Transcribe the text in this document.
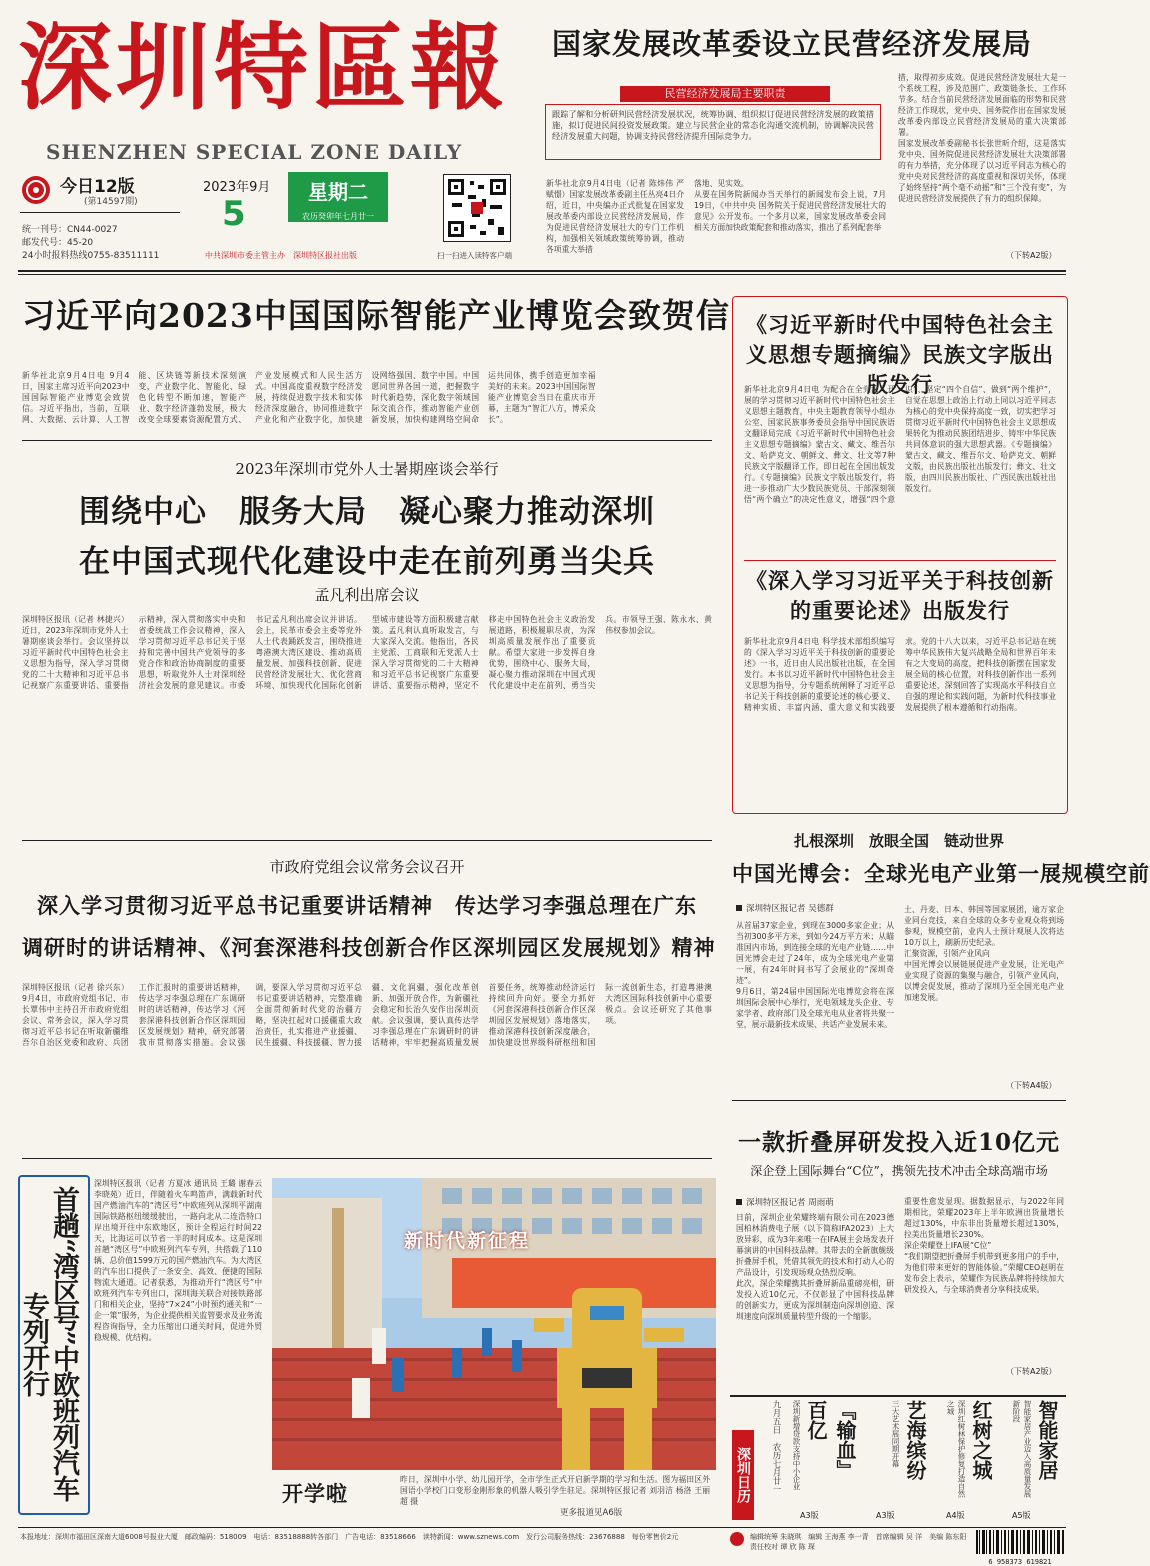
深圳特區報
SHENZHEN SPECIAL ZONE DAILY
今日12版
(第14597期)
统一刊号：CN44-0027
邮发代号：45-20
24小时报料热线0755-83511111
2023年9月
5
星期二
农历癸卯年七月廿一
中共深圳市委主管主办　深圳特区报社出版	扫一扫进入读特客户端
国家发展改革委设立民营经济发展局
民营经济发展局主要职责
跟踪了解和分析研判民营经济发展状况，统筹协调、组织拟订促进民营经济发展的政策措施，拟订促进民间投资发展政策。建立与民营企业的常态化沟通交流机制，协调解决民营经济发展重大问题，协调支持民营经济提升国际竞争力。
新华社北京9月4日电（记者 陈炜伟 严赋憬）国家发展改革委副主任丛亮4日介绍，近日，中央编办正式批复在国家发展改革委内部设立民营经济发展局，作为促进民营经济发展壮大的专门工作机构，加强相关领域政策统筹协调，推动各项重大举措
落地、见实效。
从要在国务院新闻办当天举行的新闻发布会上说，7月19日，《中共中央 国务院关于促进民营经济发展壮大的意见》公开发布。一个多月以来，国家发展改革委会同相关方面加快政策配套和推动落实，推出了系列配套举
措，取得初步成效。促进民营经济发展壮大是一个系统工程，涉及范围广、政策链条长、工作环节多。结合当前民营经济发展面临的形势和民营经济工作现状，党中央、国务院作出在国家发展改革委内部设立民营经济发展局的重大决策部署。
国家发展改革委副秘书长张世昕介绍，这是落实党中央、国务院促进民营经济发展壮大决策部署的有力举措，充分体现了以习近平同志为核心的党中央对民营经济的高度重视和深切关怀，体现了始终坚持“两个毫不动摇”和“三个没有变”，为促进民营经济发展提供了有力的组织保障。
（下转A2版）
习近平向2023中国国际智能产业博览会致贺信
新华社北京9月4日电 9月4日，国家主席习近平向2023中国国际智能产业博览会致贺信。习近平指出，当前，互联网、大数据、云计算、人工智能、区块链等新技术深刻演变，产业数字化、智能化、绿色化转型不断加速，智能产业、数字经济蓬勃发展，极大改变全球要素资源配置方式、产业发展模式和人民生活方式。中国高度重视数字经济发展，持续促进数字技术和实体经济深度融合，协同推进数字产业化和产业数字化，加快建设网络强国、数字中国。中国愿同世界各国一道，把握数字时代新趋势，深化数字领域国际交流合作，推动智能产业创新发展，加快构建网络空间命运共同体，携手创造更加幸福美好的未来。2023中国国际智能产业博览会当日在重庆市开幕，主题为“智汇八方，博采众长”。
《习近平新时代中国特色社会主义思想专题摘编》民族文字版出版发行
新华社北京9月4日电 为配合在全党深入开展的学习贯彻习近平新时代中国特色社会主义思想主题教育，中央主题教育领导小组办公室、国家民族事务委员会指导中国民族语文翻译局完成《习近平新时代中国特色社会主义思想专题摘编》蒙古文、藏文、维吾尔文、哈萨克文、朝鲜文、彝文、壮文等7种民族文字版翻译工作，即日起在全国出版发行。《专题摘编》民族文字版出版发行，将进一步推动广大少数民族党员、干部深刻领悟“两个确立”的决定性意义，增强“四个意识”、坚定“四个自信”、做到“两个维护”，自觉在思想上政治上行动上同以习近平同志为核心的党中央保持高度一致，切实把学习贯彻习近平新时代中国特色社会主义思想成果转化为推动民族团结进步、铸牢中华民族共同体意识的强大思想武器。《专题摘编》蒙古文、藏文、维吾尔文、哈萨克文、朝鲜文版，由民族出版社出版发行；彝文、壮文版，由四川民族出版社、广西民族出版社出版发行。
《深入学习习近平关于科技创新的重要论述》出版发行
新华社北京9月4日电 科学技术部组织编写的《深入学习习近平关于科技创新的重要论述》一书，近日由人民出版社出版，在全国发行。本书以习近平新时代中国特色社会主义思想为指导，分专题系统阐释了习近平总书记关于科技创新的重要论述的核心要义、精神实质、丰富内涵、重大意义和实践要求。党的十八大以来，习近平总书记站在统筹中华民族伟大复兴战略全局和世界百年未有之大变局的高度，把科技创新摆在国家发展全局的核心位置，对科技创新作出一系列重要论述，深刻回答了实现高水平科技自立自强的理论和实践问题，为新时代科技事业发展提供了根本遵循和行动指南。
2023年深圳市党外人士暑期座谈会举行
围绕中心　服务大局　凝心聚力推动深圳
在中国式现代化建设中走在前列勇当尖兵
孟凡利出席会议
深圳特区报讯（记者 林捷兴）近日，2023年深圳市党外人士暑期座谈会举行。会议坚持以习近平新时代中国特色社会主义思想为指导，深入学习贯彻党的二十大精神和习近平总书记视察广东重要讲话、重要指示精神，深入贯彻落实中央和省委统战工作会议精神，深入学习贯彻习近平总书记关于坚持和完善中国共产党领导的多党合作和政治协商制度的重要思想，听取党外人士对深圳经济社会发展的意见建议。市委书记孟凡利出席会议并讲话。会上，民革市委会主委等党外人士代表踊跃发言，围绕推进粤港澳大湾区建设、推动高质量发展、加强科技创新、促进民营经济发展壮大、优化营商环境、加快现代化国际化创新型城市建设等方面积极建言献策。孟凡利认真听取发言，与大家深入交流。他指出，各民主党派、工商联和无党派人士深入学习贯彻党的二十大精神和习近平总书记视察广东重要讲话、重要指示精神，坚定不移走中国特色社会主义政治发展道路，积极履职尽责，为深圳高质量发展作出了重要贡献。希望大家进一步发挥自身优势，围绕中心、服务大局，凝心聚力推动深圳在中国式现代化建设中走在前列、勇当尖兵。市领导王强、陈永水、黄伟权参加会议。
市政府党组会议常务会议召开
深入学习贯彻习近平总书记重要讲话精神　传达学习李强总理在广东
调研时的讲话精神、《河套深港科技创新合作区深圳园区发展规划》精神
深圳特区报讯（记者 徐兴东）9月4日，市政府党组书记、市长覃伟中主持召开市政府党组会议、常务会议，深入学习贯彻习近平总书记在听取新疆维吾尔自治区党委和政府、兵团工作汇报时的重要讲话精神，传达学习李强总理在广东调研时的讲话精神，传达学习《河套深港科技创新合作区深圳园区发展规划》精神，研究部署我市贯彻落实措施。会议强调，要深入学习贯彻习近平总书记重要讲话精神，完整准确全面贯彻新时代党的治疆方略，坚决扛起对口援疆重大政治责任，扎实推进产业援疆、民生援疆、科技援疆、智力援疆、文化润疆，强化改革创新、加强开放合作，为新疆社会稳定和长治久安作出深圳贡献。会议强调，要认真传达学习李强总理在广东调研时的讲话精神，牢牢把握高质量发展首要任务，统筹推动经济运行持续回升向好。要全力抓好《河套深港科技创新合作区深圳园区发展规划》落地落实，推动深港科技创新深度融合，加快建设世界级科研枢纽和国际一流创新生态，打造粤港澳大湾区国际科技创新中心重要极点。会议还研究了其他事项。
扎根深圳　放眼全国　链动世界
中国光博会：全球光电产业第一展规模空前
深圳特区报记者 吴德群
从首届37家企业，到现在3000多家企业；从当初300多平方米，到如今24万平方米；从瞄准国内市场，到连接全球的光电产业链……中国光博会走过了24年，成为全球光电产业第一展，有24年时间书写了会展业的“深圳奇迹”。
9月6日，第24届中国国际光电博览会将在深圳国际会展中心举行，光电领域龙头企业、专家学者、政府部门及全球光电从业者将共聚一堂，展示最新技术成果、共话产业发展未来。
土、丹麦、日本、韩国等国家展团，逾万家企业同台竞技，来自全球的众多专业观众将到场参观，规模空前，业内人士预计观展人次将达10万以上，刷新历史纪录。
汇聚资源，引领产业风向
中国光博会以展链展促进产业发展，让光电产业实现了资源的集聚与融合，引领产业风向，以博会促发展，推动了深圳乃至全国光电产业加速发展。
（下转A4版）
一款折叠屏研发投入近10亿元
深企登上国际舞台“C位”，携领先技术冲击全球高端市场
深圳特区报记者 周雨萌
日前，深圳企业荣耀终端有限公司在2023德国柏林消费电子展（以下简称IFA2023）上大放异彩，成为3年来唯一在IFA展主会场发表开幕演讲的中国科技品牌。其带去的全新旗舰级折叠屏手机，凭借其领先的技术和打动人心的产品设计，引发现场观众热烈反响。
此次，深企荣耀携其折叠屏新品重磅亮相，研发投入近10亿元，不仅彰显了中国科技品牌的创新实力，更成为深圳制造向深圳创造、深圳速度向深圳质量转型升级的一个缩影。
重要性愈发显现。据数据显示，与2022年同期相比，荣耀2023年上半年欧洲出货量增长超过130%，中东非出货量增长超过130%，拉美出货量增长230%。
深企荣耀登上IFA展“C位”
“我们期望把折叠屏手机带到更多用户的手中，为他们带来更好的智能体验。”荣耀CEO赵明在发布会上表示，荣耀作为民族品牌将持续加大研发投入，与全球消费者分享科技成果。
（下转A2版）
首趟“湾区号”中欧班列汽车专列开行
深圳特区报讯（记者 方夏冰 通讯员 王璐 谢春云 李晓苑）近日，伴随着火车鸣笛声，满载新时代国产燃油汽车的“湾区号”中欧班列从深圳平湖南国际铁路枢纽缓缓驶出，一路向北从二连浩特口岸出境开往中东欧地区，预计全程运行时间22天，比海运可以节省一半的时间成本。这是深圳首趟“湾区号”中欧班列汽车专列，共搭载了110辆、总价值1599万元的国产燃油汽车。为大湾区的汽车出口提供了一条安全、高效、便捷的国际物流大通道。记者获悉，为推动开行“湾区号”中欧班列汽车专列出口，深圳海关联合对接铁路部门和相关企业，坚持“7×24”小时预约通关和“一企一策”服务，为企业提供相关监管要求及业务流程咨询指导，全力压缩出口通关时间，促进外贸稳规模、优结构。
新时代新征程
开学啦
昨日，深圳中小学、幼儿园开学，全市学生正式开启新学期的学习和生活。图为福田区外国语小学校门口变形金刚形象的机器人吸引学生驻足。深圳特区报记者 刘羽洁 杨洛 王丽超 摄
更多报道见A6版
深圳日历	九月五日　农历七月廿一	智能家居
智能家居产业迈入高质量发展新阶段
A5版
红树之城
深圳红树林保护修复打造自然之城
A4版
艺海缤纷
三大艺术展同期开幕
A3版
『输血』百亿
深圳新增贷款支持中小企业
A3版
本报地址：深圳市福田区深南大道6008号报业大厦　邮政编码：518009　电话：83518888转各部门　广告电话：83518666　读特新闻：www.sznews.com　发行公司服务热线：23676888　每份零售价2元	编辑统筹 朱晓琪　编辑 王海燕 李一青　首席编辑 吴 洋　美编 陈东阳　责任校对 谭 欣 陈 琛
6 958373 619821
